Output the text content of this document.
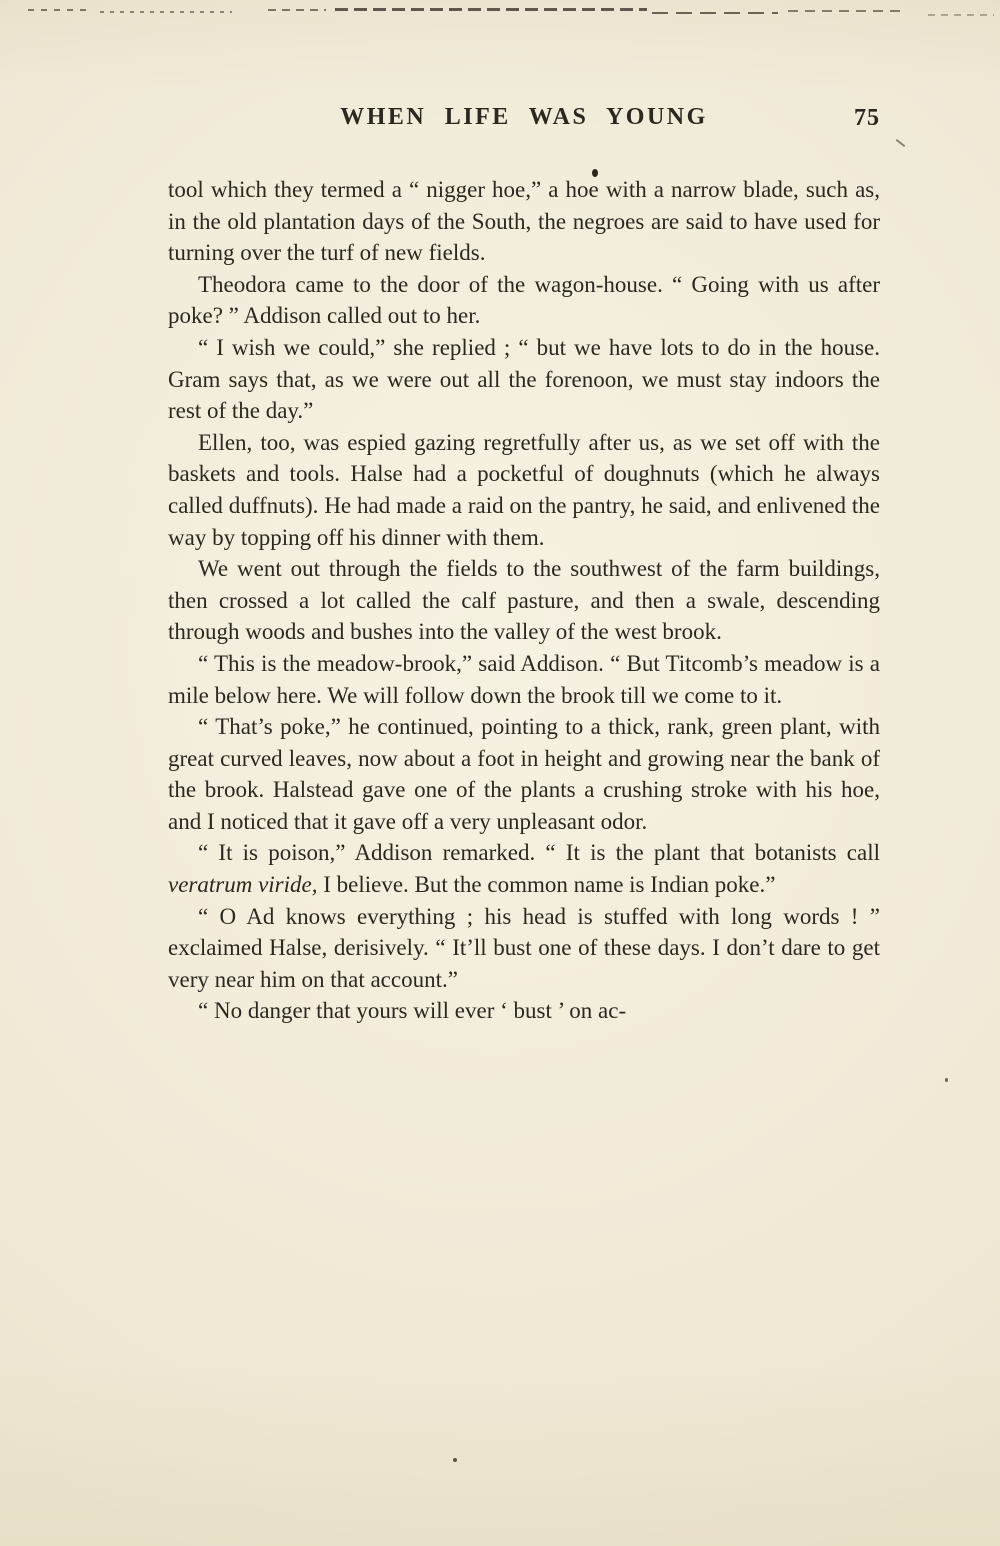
WHEN LIFE WAS YOUNG	75

tool which they termed a “ nigger hoe,” a hoe with a narrow blade, such as, in the old plantation days of the South, the negroes are said to have used for turning over the turf of new fields.

Theodora came to the door of the wagon-house. “ Going with us after poke? ” Addison called out to her.

“ I wish we could,” she replied ; “ but we have lots to do in the house. Gram says that, as we were out all the forenoon, we must stay indoors the rest of the day.”

Ellen, too, was espied gazing regretfully after us, as we set off with the baskets and tools. Halse had a pocketful of doughnuts (which he always called duffnuts). He had made a raid on the pantry, he said, and enlivened the way by topping off his dinner with them.

We went out through the fields to the southwest of the farm buildings, then crossed a lot called the calf pasture, and then a swale, descending through woods and bushes into the valley of the west brook.

“ This is the meadow-brook,” said Addison. “ But Titcomb’s meadow is a mile below here. We will follow down the brook till we come to it.

“ That’s poke,” he continued, pointing to a thick, rank, green plant, with great curved leaves, now about a foot in height and growing near the bank of the brook. Halstead gave one of the plants a crushing stroke with his hoe, and I noticed that it gave off a very unpleasant odor.

“ It is poison,” Addison remarked. “ It is the plant that botanists call veratrum viride, I believe. But the common name is Indian poke.”

“ O Ad knows everything ; his head is stuffed with long words ! ” exclaimed Halse, derisively. “ It’ll bust one of these days. I don’t dare to get very near him on that account.”

“ No danger that yours will ever ‘ bust ’ on ac-
